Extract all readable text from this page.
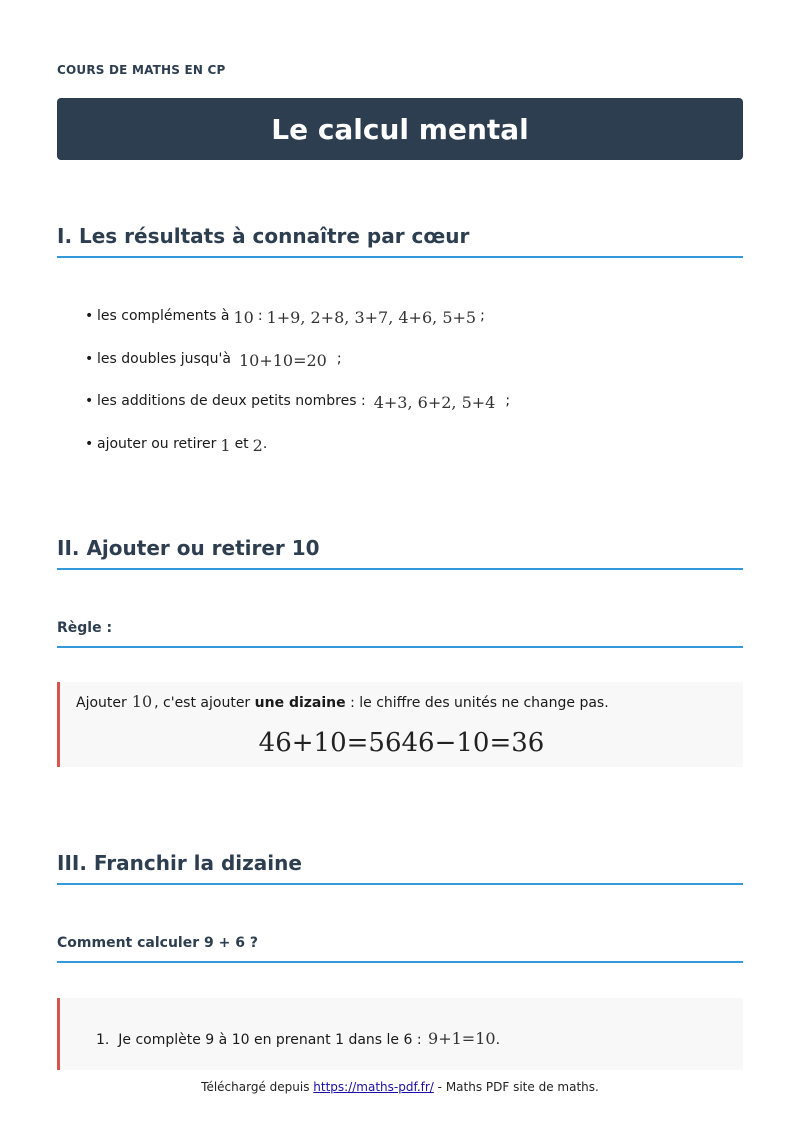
COURS DE MATHS EN CP
Le calcul mental
I. Les résultats à connaître par cœur
• les compléments à 10 : 1+9, 2+8, 3+7, 4+6, 5+5 ;
• les doubles jusqu'à 10+10=20 ;
• les additions de deux petits nombres : 4+3, 6+2, 5+4 ;
• ajouter ou retirer 1 et 2 .
II. Ajouter ou retirer 10
Règle :
Ajouter 10 , c'est ajouter une dizaine : le chiffre des unités ne change pas.
46+10=5646−10=36
III. Franchir la dizaine
Comment calculer 9 + 6 ?
1. Je complète 9 à 10 en prenant 1 dans le 6 : 9+1=10.
Téléchargé depuis https://maths-pdf.fr/ - Maths PDF site de maths.
